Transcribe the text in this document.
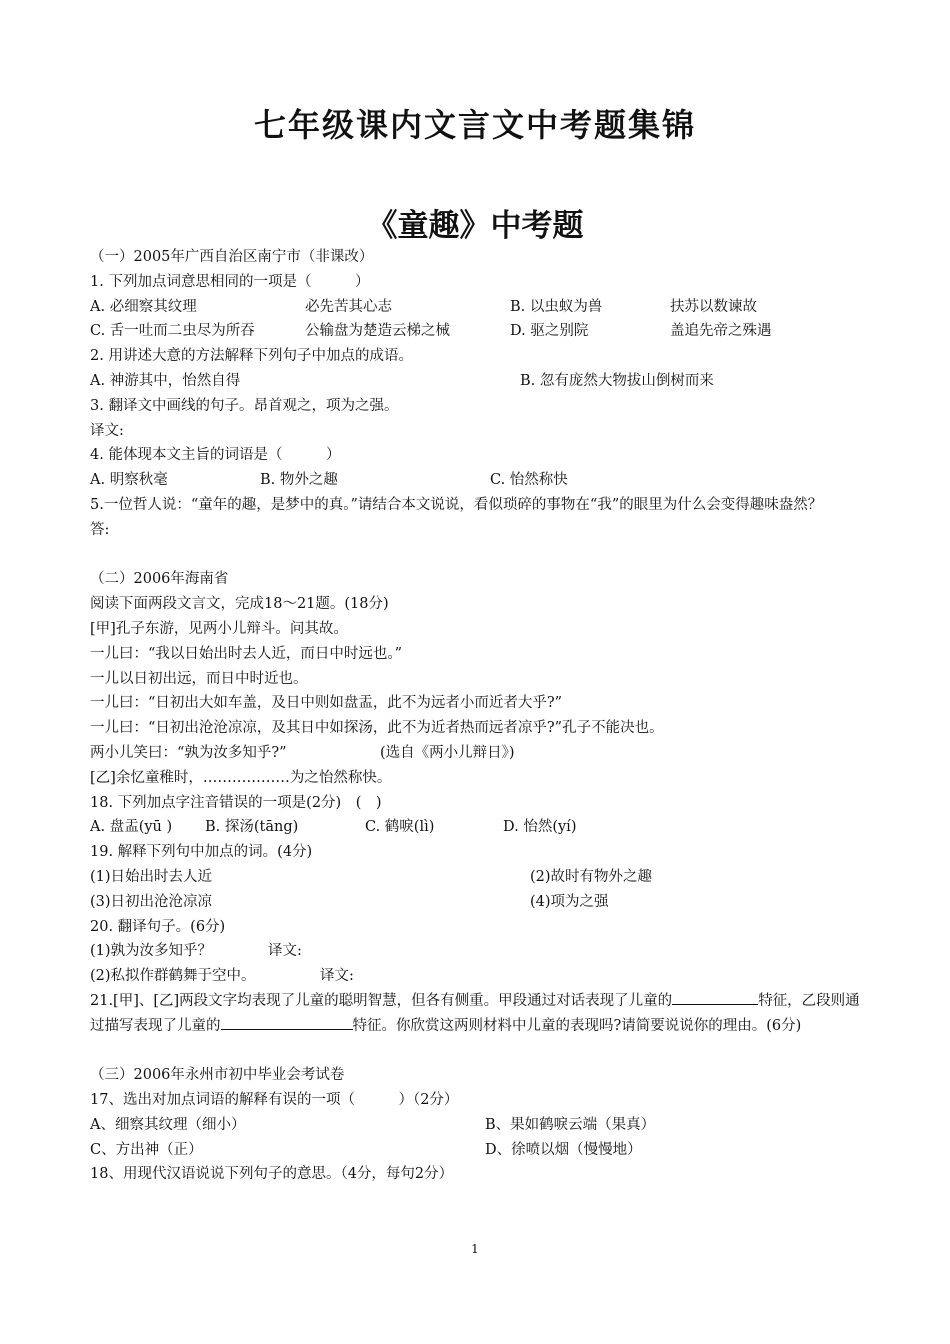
七年级课内文言文中考题集锦
《童趣》中考题
（一）2005年广西自治区南宁市（非课改）
1. 下列加点词意思相同的一项是（　　　）
A. 必细察其纹理	必先苦其心志	B. 以虫蚁为兽	扶苏以数谏故
C. 舌一吐而二虫尽为所吞	公输盘为楚造云梯之械	D. 驱之别院	盖追先帝之殊遇
2. 用讲述大意的方法解释下列句子中加点的成语。
A. 神游其中，怡然自得	B. 忽有庞然大物拔山倒树而来
3. 翻译文中画线的句子。昂首观之，项为之强。
译文:
4. 能体现本文主旨的词语是（　　　）
A. 明察秋毫	B. 物外之趣	C. 怡然称快
5.一位哲人说：“童年的趣，是梦中的真。”请结合本文说说，看似琐碎的事物在“我”的眼里为什么会变得趣味盎然？
答:
（二）2006年海南省
阅读下面两段文言文，完成18～21题。(18分)
[甲]孔子东游，见两小儿辩斗。问其故。
一儿曰：“我以日始出时去人近，而日中时远也。”
一儿以日初出远，而日中时近也。
一儿曰：“日初出大如车盖，及日中则如盘盂，此不为远者小而近者大乎?”
一儿曰：“日初出沧沧凉凉，及其日中如探汤，此不为近者热而远者凉乎?”孔子不能决也。
两小儿笑曰：“孰为汝多知乎?”	(选自《两小儿辩日》)
[乙]余忆童稚时，………………为之怡然称快。
18. 下列加点字注音错误的一项是(2分)　(　)
A. 盘盂(yū ) B. 探汤(tāng)	C. 鹤唳(lì)	D. 怡然(yí)
19. 解释下列句中加点的词。(4分)
(1)日始出时去人近	(2)故时有物外之趣
(3)日初出沧沧凉凉	(4)项为之强
20. 翻译句子。(6分)
(1)孰为汝多知乎？	译文:
(2)私拟作群鹤舞于空中。	译文:
21.[甲]、[乙]两段文字均表现了儿童的聪明智慧，但各有侧重。甲段通过对话表现了儿童的	特征，乙段则通过描写表现了儿童的	特征。你欣赏这两则材料中儿童的表现吗?请简要说说你的理由。(6分)
（三）2006年永州市初中毕业会考试卷
17、选出对加点词语的解释有误的一项（　　　）（2分）
A、细察其纹理（细小）	B、果如鹤唳云端（果真）
C、方出神（正）	D、徐喷以烟（慢慢地）
18、用现代汉语说说下列句子的意思。（4分，每句2分）
1
